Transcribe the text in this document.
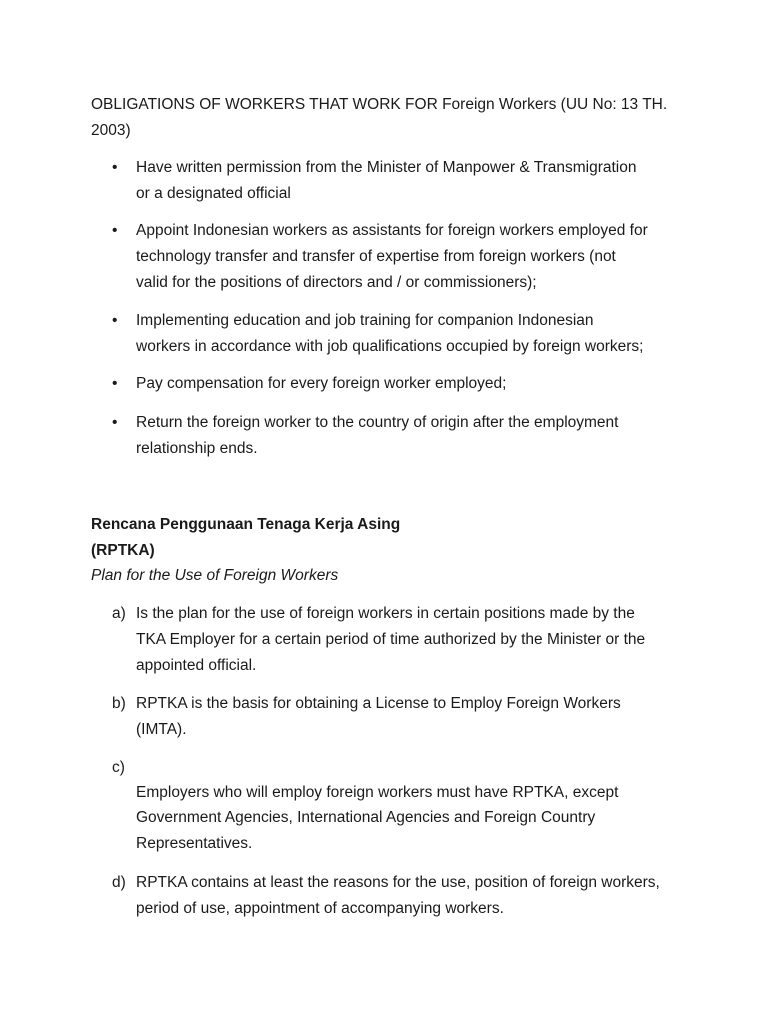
OBLIGATIONS OF WORKERS THAT WORK FOR Foreign Workers (UU No: 13 TH.
2003)
• Have written permission from the Minister of Manpower & Transmigration
or a designated official
• Appoint Indonesian workers as assistants for foreign workers employed for
technology transfer and transfer of expertise from foreign workers (not
valid for the positions of directors and / or commissioners);
• Implementing education and job training for companion Indonesian
workers in accordance with job qualifications occupied by foreign workers;
• Pay compensation for every foreign worker employed;
• Return the foreign worker to the country of origin after the employment
relationship ends.
Rencana Penggunaan Tenaga Kerja Asing
(RPTKA)
Plan for the Use of Foreign Workers
a) Is the plan for the use of foreign workers in certain positions made by the
TKA Employer for a certain period of time authorized by the Minister or the
appointed official.
b) RPTKA is the basis for obtaining a License to Employ Foreign Workers
(IMTA).
c)
Employers who will employ foreign workers must have RPTKA, except
Government Agencies, International Agencies and Foreign Country
Representatives.
d) RPTKA contains at least the reasons for the use, position of foreign workers,
period of use, appointment of accompanying workers.
